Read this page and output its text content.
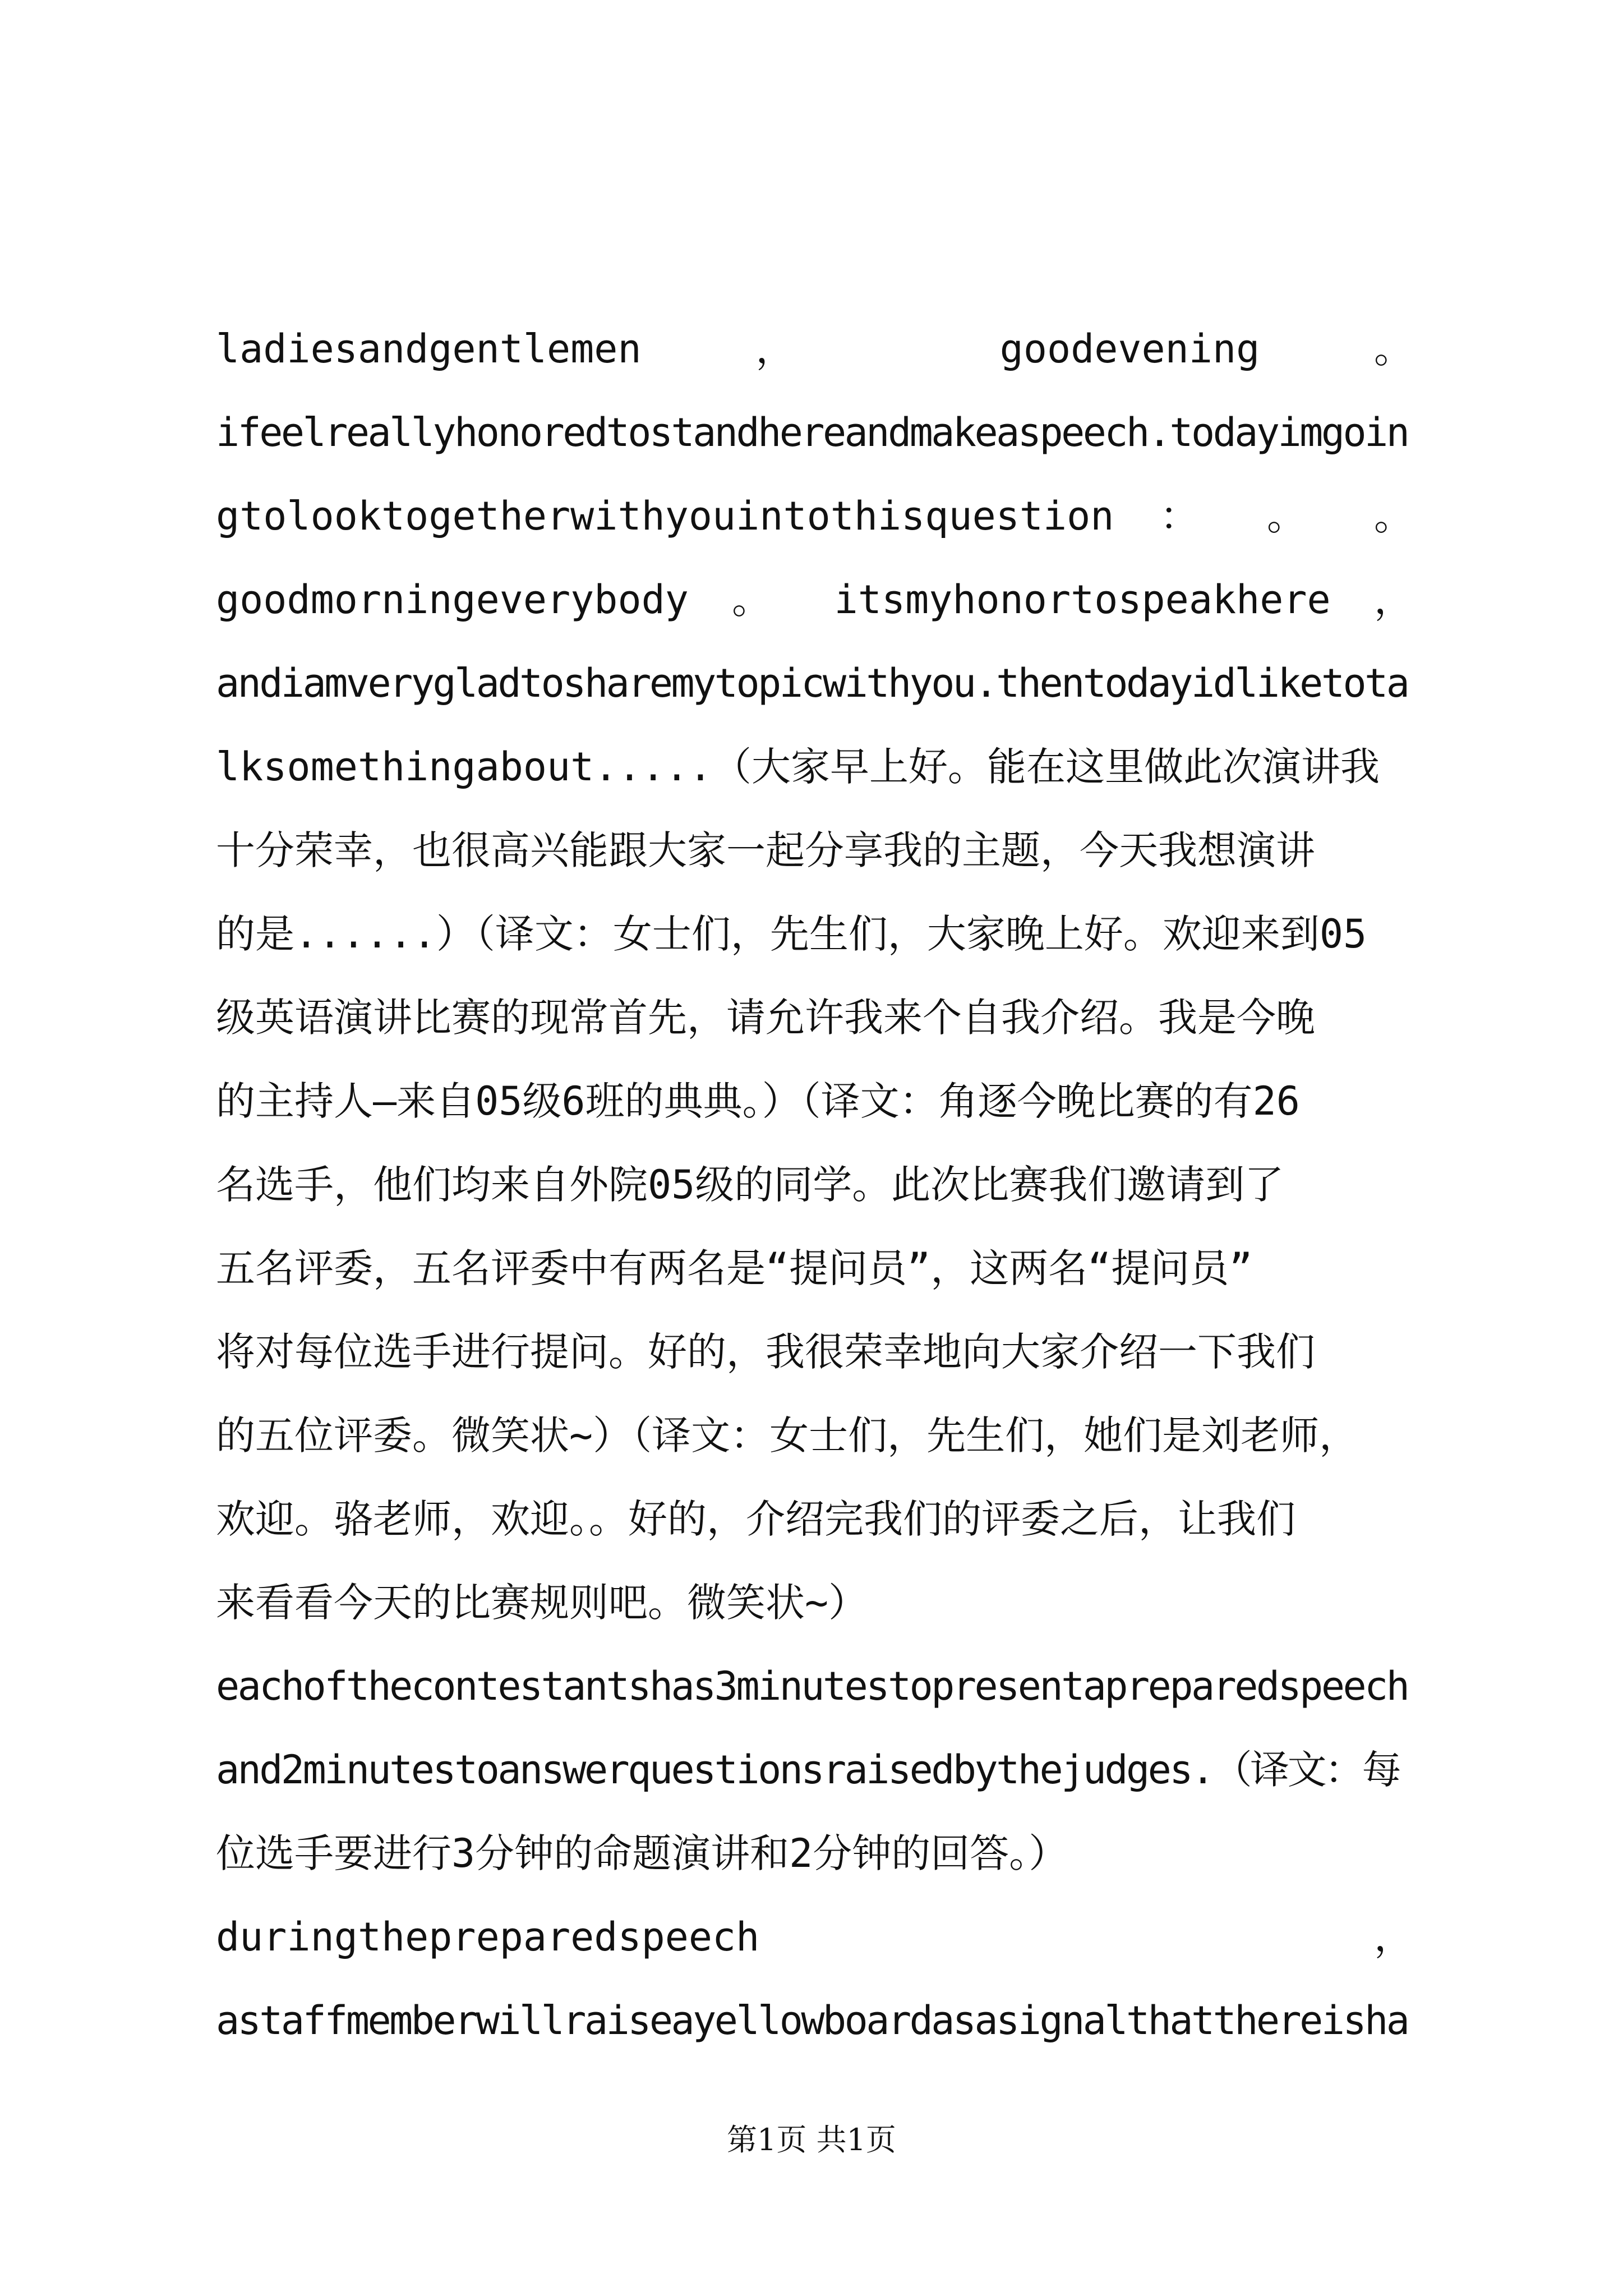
ladiesandgentlemen ， goodevening 。
ifeelreallyhonoredtostandhereandmakeaspeech.todayimgoin
gtolooktogetherwithyouintothisquestion ： 。 。
goodmorningeverybody 。 itsmyhonortospeakhere ，
andiamverygladtosharemytopicwithyou.thentodayidliketota
lksomethingabout.....（大家早上好。能在这里做此次演讲我
十分荣幸，也很高兴能跟大家一起分享我的主题，今天我想演讲
的是......）（译文：女士们，先生们，大家晚上好。欢迎来到05
级英语演讲比赛的现常首先，请允许我来个自我介绍。我是今晚
的主持人—来自05级6班的典典。）（译文：角逐今晚比赛的有26
名选手，他们均来自外院05级的同学。此次比赛我们邀请到了
五名评委，五名评委中有两名是“提问员”，这两名“提问员”
将对每位选手进行提问。好的，我很荣幸地向大家介绍一下我们
的五位评委。微笑状~）（译文：女士们，先生们，她们是刘老师，
欢迎。骆老师，欢迎。。好的，介绍完我们的评委之后，让我们
来看看今天的比赛规则吧。微笑状~）
eachofthecontestantshas3minutestopresentapreparedspeech
and2minutestoanswerquestionsraisedbythejudges.（译文：每
位选手要进行3分钟的命题演讲和2分钟的回答。）
duringthepreparedspeech ，
astaffmemberwillraiseayellowboardasasignalthatthereisha
第1页 共1页
